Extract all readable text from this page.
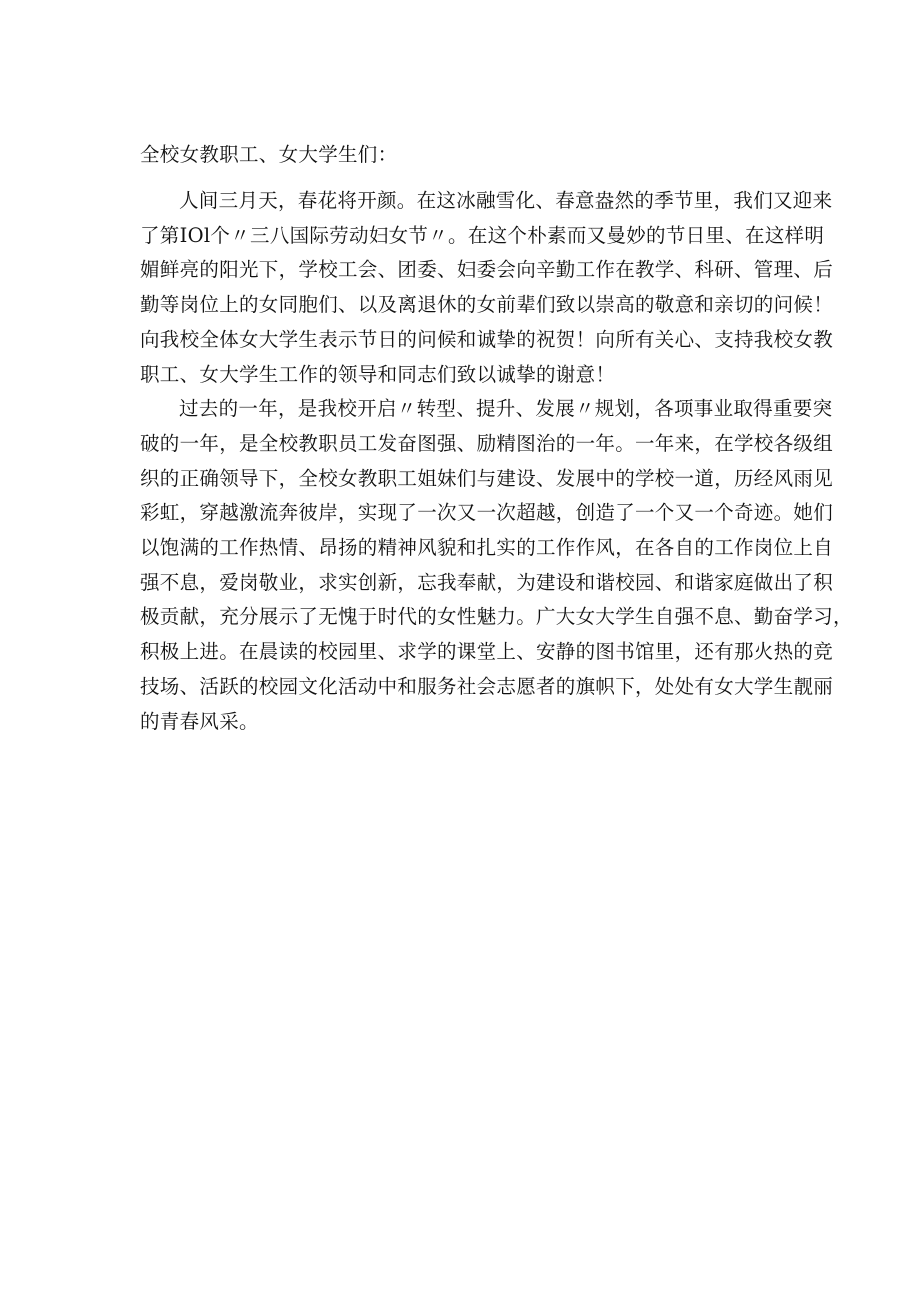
全校女教职工、女大学生们：

人间三月天，春花将开颜。在这冰融雪化、春意盎然的季节里，我们又迎来
了第IOl个〃三八国际劳动妇女节〃。在这个朴素而又曼妙的节日里、在这样明
媚鲜亮的阳光下，学校工会、团委、妇委会向辛勤工作在教学、科研、管理、后
勤等岗位上的女同胞们、以及离退休的女前辈们致以崇高的敬意和亲切的问候！
向我校全体女大学生表示节日的问候和诚挚的祝贺！向所有关心、支持我校女教
职工、女大学生工作的领导和同志们致以诚挚的谢意！

过去的一年，是我校开启〃转型、提升、发展〃规划，各项事业取得重要突
破的一年，是全校教职员工发奋图强、励精图治的一年。一年来，在学校各级组
织的正确领导下，全校女教职工姐妹们与建设、发展中的学校一道，历经风雨见
彩虹，穿越激流奔彼岸，实现了一次又一次超越，创造了一个又一个奇迹。她们
以饱满的工作热情、昂扬的精神风貌和扎实的工作作风，在各自的工作岗位上自
强不息，爱岗敬业，求实创新，忘我奉献，为建设和谐校园、和谐家庭做出了积
极贡献，充分展示了无愧于时代的女性魅力。广大女大学生自强不息、勤奋学习，
积极上进。在晨读的校园里、求学的课堂上、安静的图书馆里，还有那火热的竞
技场、活跃的校园文化活动中和服务社会志愿者的旗帜下，处处有女大学生靓丽
的青春风采。
